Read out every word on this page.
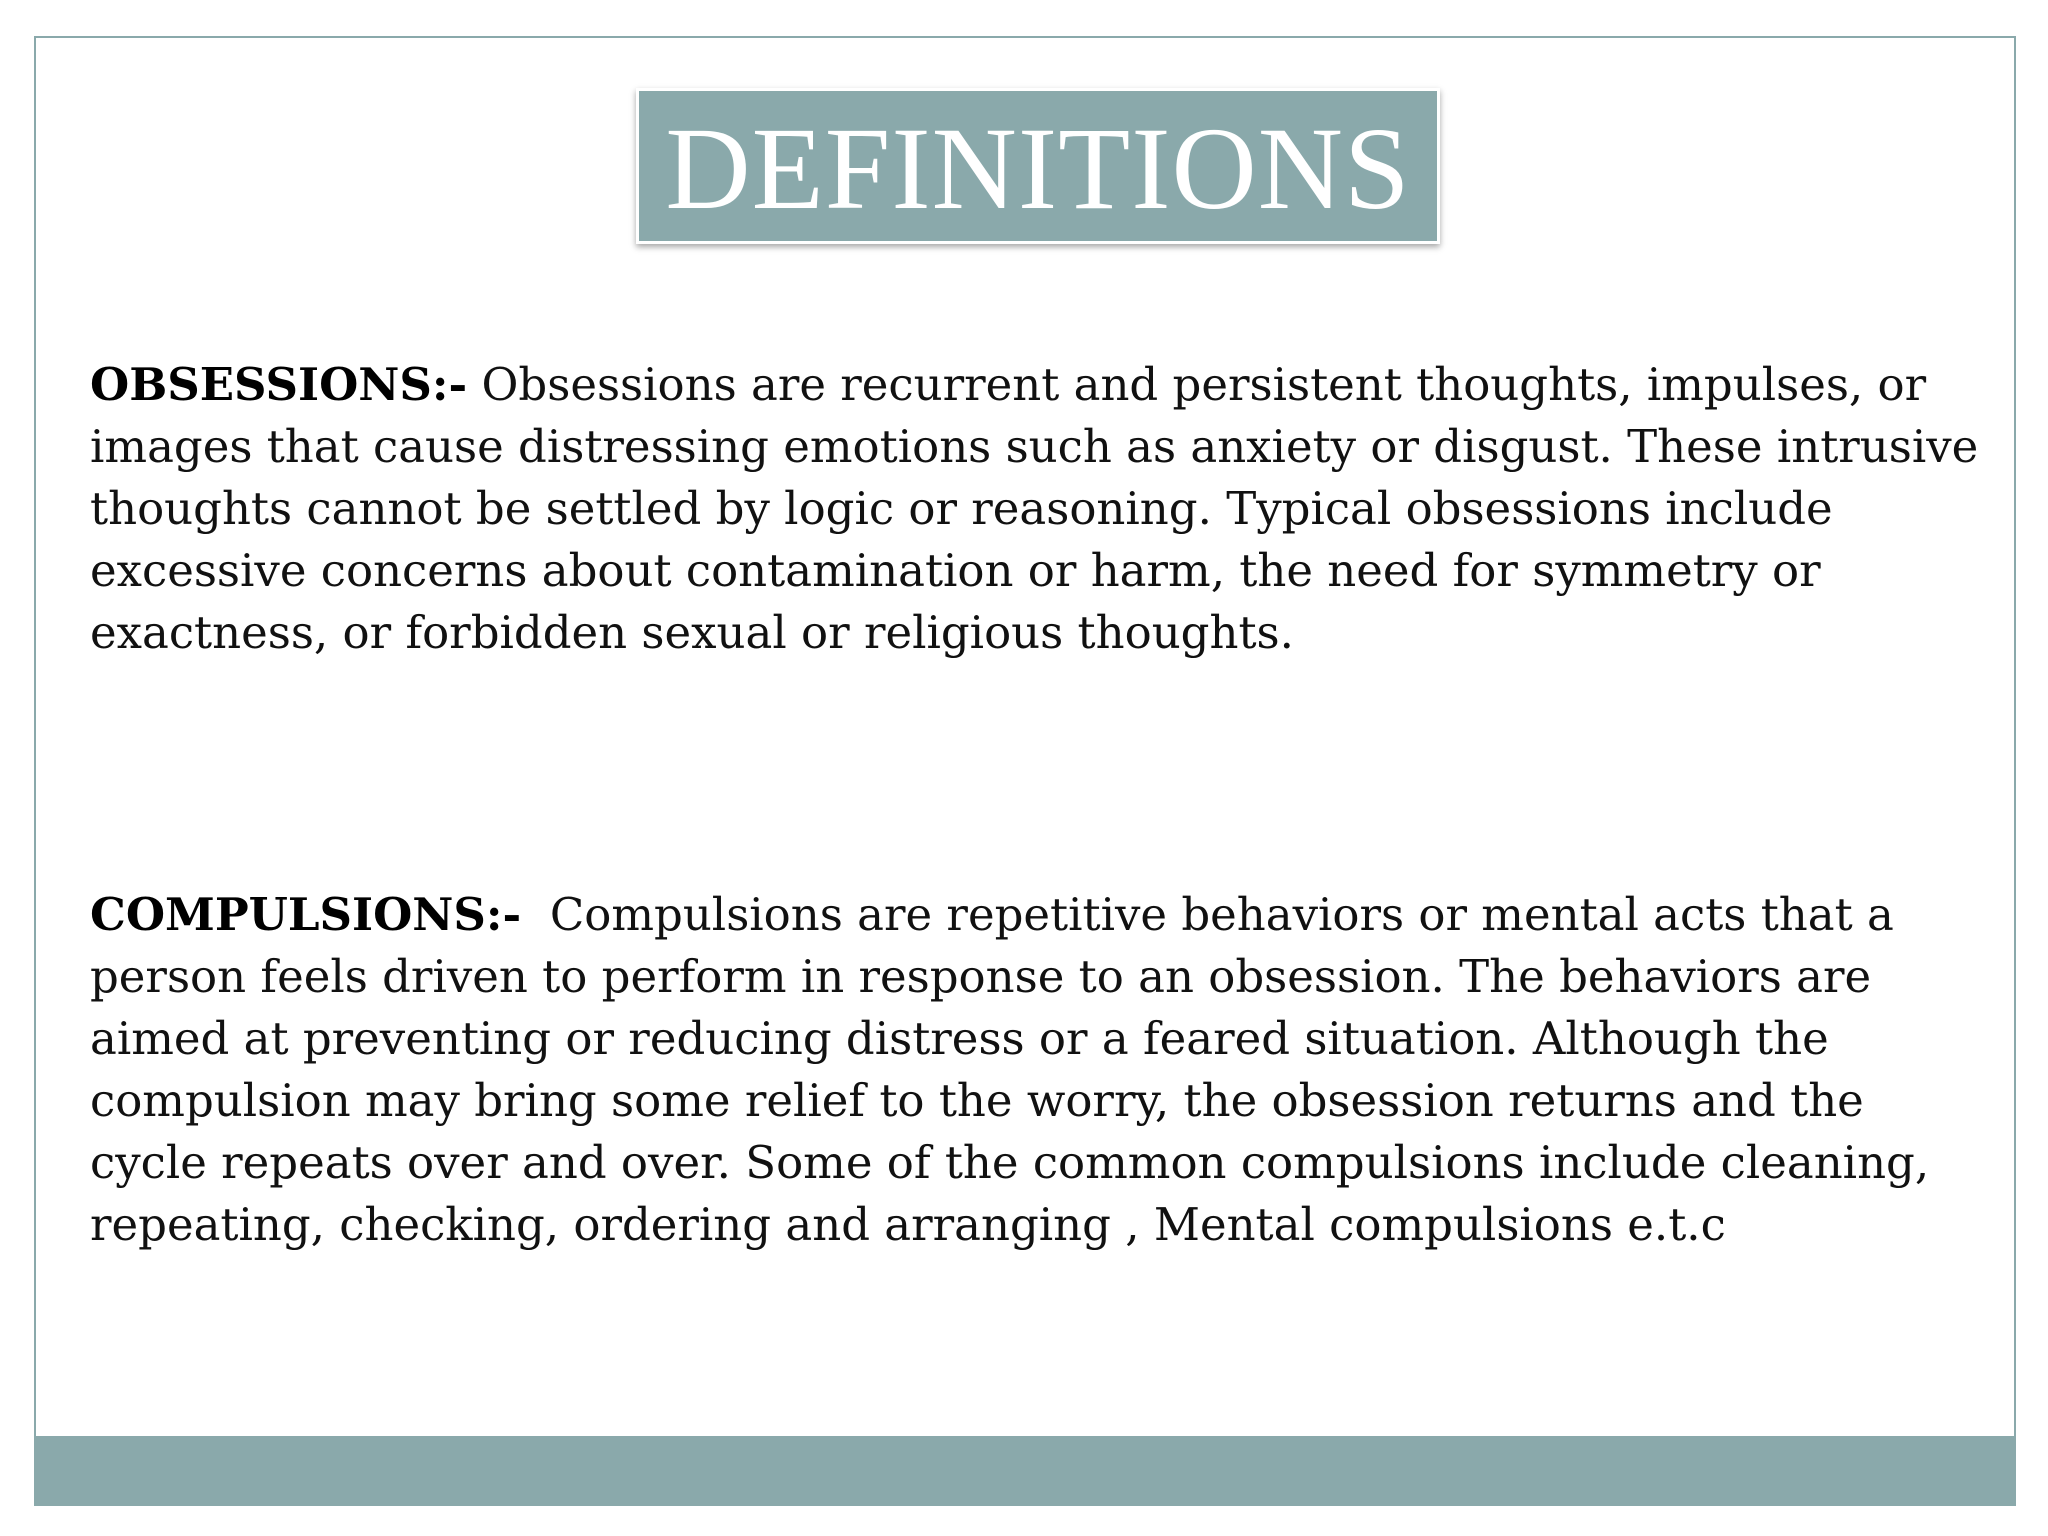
DEFINITIONS

OBSESSIONS:- Obsessions are recurrent and persistent thoughts, impulses, or images that cause distressing emotions such as anxiety or disgust. These intrusive thoughts cannot be settled by logic or reasoning. Typical obsessions include excessive concerns about contamination or harm, the need for symmetry or exactness, or forbidden sexual or religious thoughts.

COMPULSIONS:-  Compulsions are repetitive behaviors or mental acts that a person feels driven to perform in response to an obsession. The behaviors are aimed at preventing or reducing distress or a feared situation. Although the compulsion may bring some relief to the worry, the obsession returns and the cycle repeats over and over. Some of the common compulsions include cleaning, repeating, checking, ordering and arranging , Mental compulsions e.t.c
